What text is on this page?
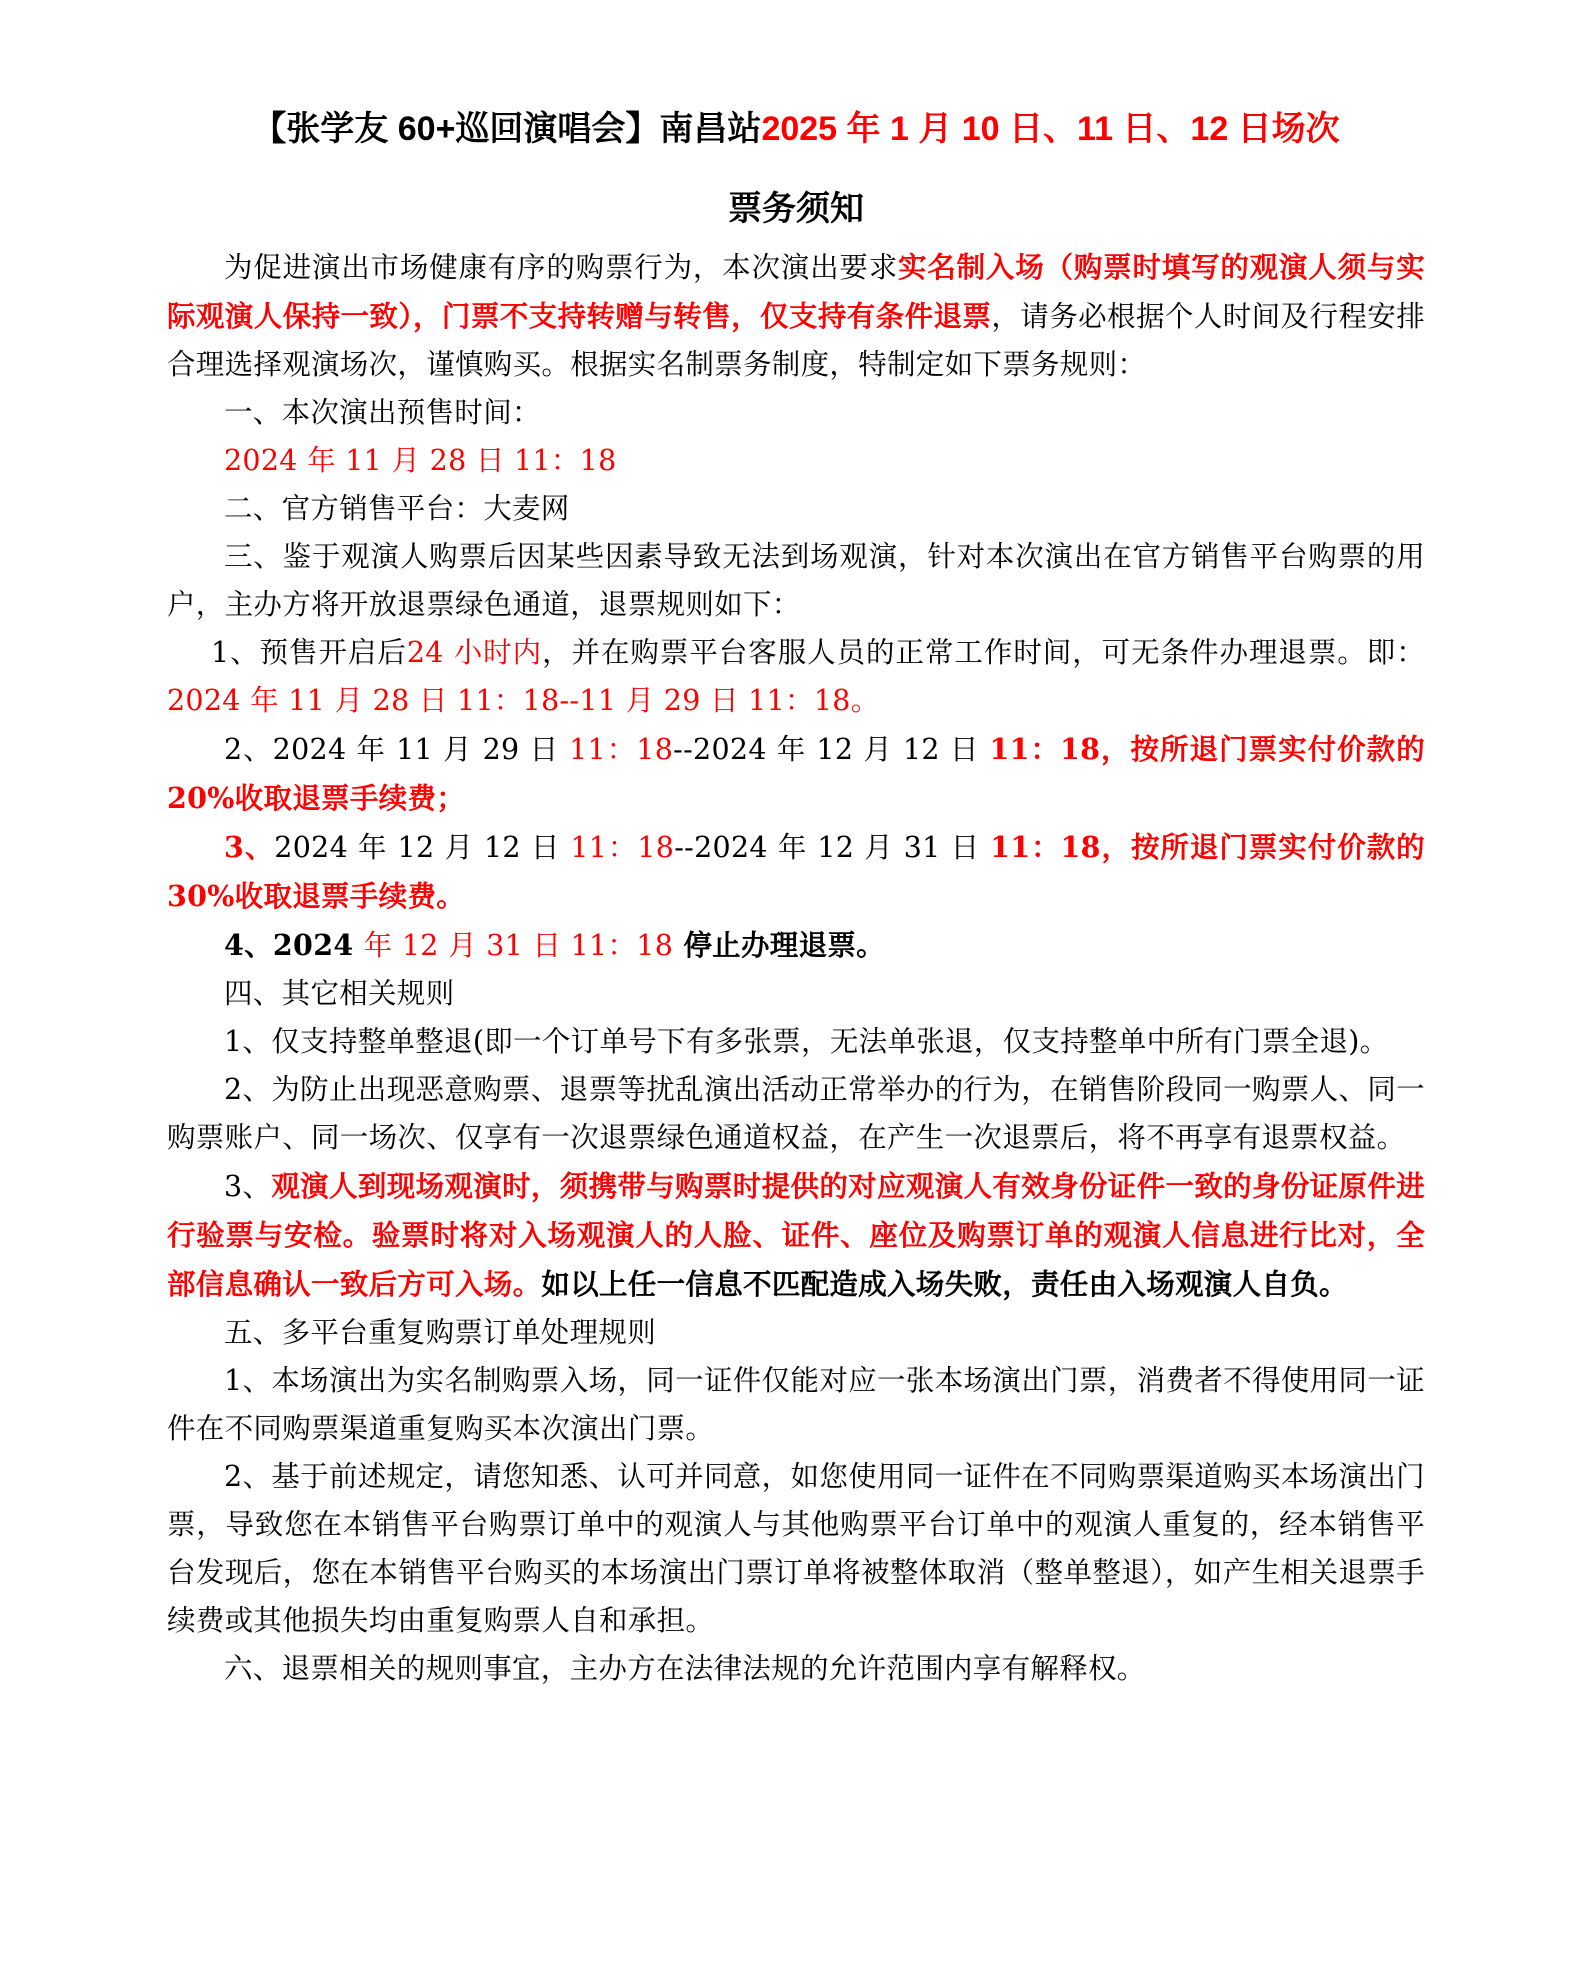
【张学友 60+巡回演唱会】南昌站2025 年 1 月 10 日、11 日、12 日场次
票务须知

为促进演出市场健康有序的购票行为，本次演出要求实名制入场（购票时填写的观演人须与实际观演人保持一致），门票不支持转赠与转售，仅支持有条件退票，请务必根据个人时间及行程安排合理选择观演场次，谨慎购买。根据实名制票务制度，特制定如下票务规则：

一、本次演出预售时间：

2024 年 11 月 28 日 11：18

二、官方销售平台：大麦网

三、鉴于观演人购票后因某些因素导致无法到场观演，针对本次演出在官方销售平台购票的用户，主办方将开放退票绿色通道，退票规则如下：

1、预售开启后24 小时内，并在购票平台客服人员的正常工作时间，可无条件办理退票。即：2024 年 11 月 28 日 11：18--11 月 29 日 11：18。

2、2024 年 11 月 29 日 11：18--2024 年 12 月 12 日 11：18，按所退门票实付价款的 20%收取退票手续费；

3、2024 年 12 月 12 日 11：18--2024 年 12 月 31 日 11：18，按所退门票实付价款的 30%收取退票手续费。

4、2024 年 12 月 31 日 11：18 停止办理退票。

四、其它相关规则

1、仅支持整单整退(即一个订单号下有多张票，无法单张退，仅支持整单中所有门票全退)。

2、为防止出现恶意购票、退票等扰乱演出活动正常举办的行为，在销售阶段同一购票人、同一购票账户、同一场次、仅享有一次退票绿色通道权益，在产生一次退票后，将不再享有退票权益。

3、观演人到现场观演时，须携带与购票时提供的对应观演人有效身份证件一致的身份证原件进行验票与安检。验票时将对入场观演人的人脸、证件、座位及购票订单的观演人信息进行比对，全部信息确认一致后方可入场。如以上任一信息不匹配造成入场失败，责任由入场观演人自负。

五、多平台重复购票订单处理规则

1、本场演出为实名制购票入场，同一证件仅能对应一张本场演出门票，消费者不得使用同一证件在不同购票渠道重复购买本次演出门票。

2、基于前述规定，请您知悉、认可并同意，如您使用同一证件在不同购票渠道购买本场演出门票，导致您在本销售平台购票订单中的观演人与其他购票平台订单中的观演人重复的，经本销售平台发现后，您在本销售平台购买的本场演出门票订单将被整体取消（整单整退），如产生相关退票手续费或其他损失均由重复购票人自和承担。

六、退票相关的规则事宜，主办方在法律法规的允许范围内享有解释权。
